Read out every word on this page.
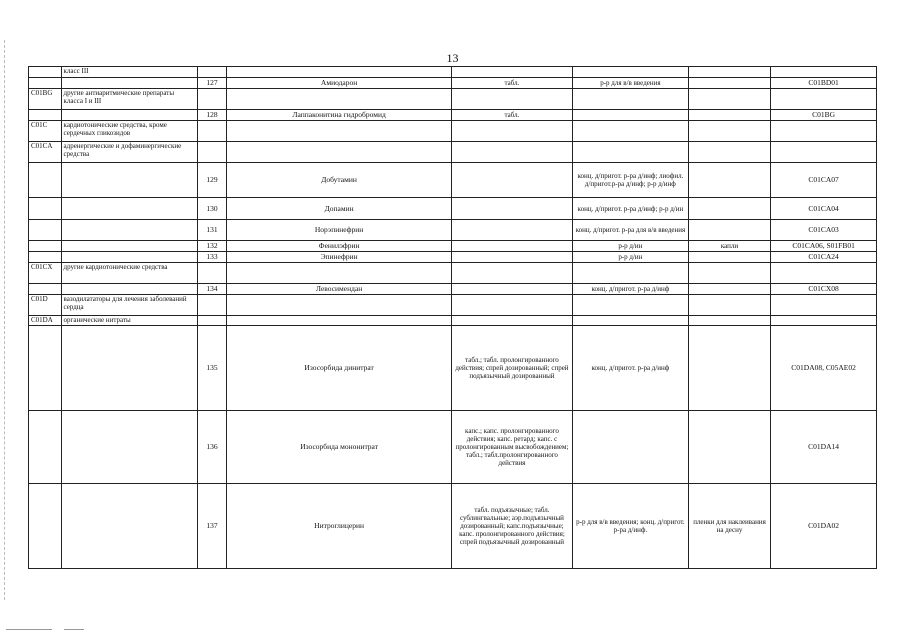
13
	класс III						
		127	Амиодарон	табл.	р-р для в/в введения		C01BD01
C01BG	другие антиаритмические препараты класса I и III						
		128	Лаппаконитина гидробромид	табл.			C01BG
C01C	кардиотонические средства, кроме сердечных гликозидов						
C01CA	адренергические и дофаминергические средства						
		129	Добутамин		конц. д/пригот. р-ра д/инф; лиофил. д/пригот.р-ра д/инф; р-р д/инф		C01CA07
		130	Допамин		конц. д/пригот. р-ра д/инф; р-р д/ин		C01CA04
		131	Норэпинефрин		конц. д/пригот. р-ра для в/в введения		C01CA03
		132	Фенилэфрин		р-р д/ин	капли	C01CA06, S01FB01
		133	Эпинефрин		р-р д/ин		C01CA24
C01CX	другие кардиотонические средства						
		134	Левосимендан		конц. д/пригот. р-ра д/инф		C01CX08
C01D	вазодилататоры для лечения заболеваний сердца						
C01DA	органические нитраты						
		135	Изосорбида динитрат	табл.; табл. пролонгированного действия; спрей дозированный; спрей подъязычный дозированный	конц. д/пригот. р-ра д/инф		C01DA08, C05AE02
		136	Изосорбида мононитрат	капс.; капс. пролонгированного действия; капс. ретард; капс. с пролонгированным высвобождением; табл.; табл.пролонгированного действия			C01DA14
		137	Нитроглицерин	табл. подъязычные; табл. сублингвальные; аэр.подъязычный дозированный; капс.подъязычные; капс. пролонгированного действия; спрей подъязычный дозированный	р-р для в/в введения; конц. д/пригот. р-ра д/инф.	пленки для наклеивания на десну	C01DA02
